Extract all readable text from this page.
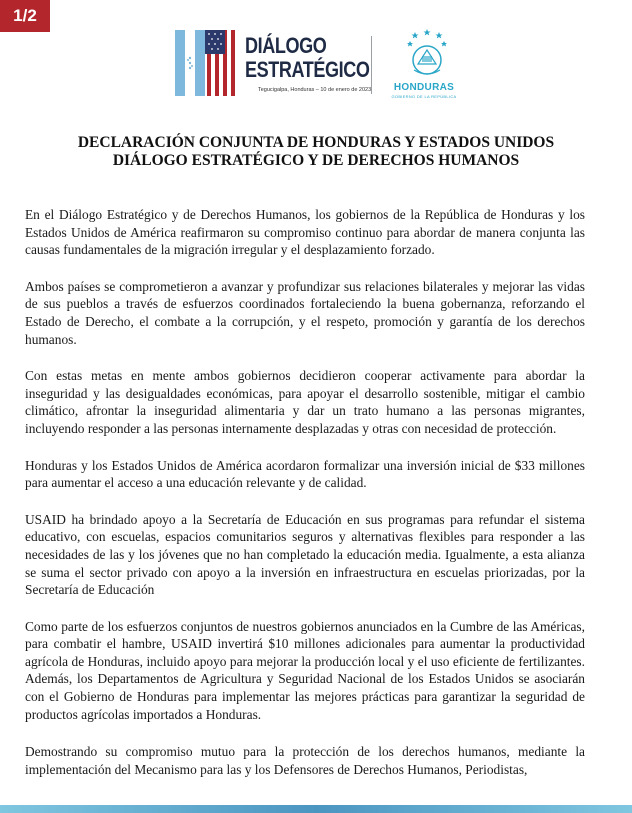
1/2
DIÁLOGO
ESTRATÉGICO
Tegucigalpa, Honduras – 10 de enero de 2023	HONDURAS
GOBIERNO DE LA REPÚBLICA
DECLARACIÓN CONJUNTA DE HONDURAS Y ESTADOS UNIDOS
DIÁLOGO ESTRATÉGICO Y DE DERECHOS HUMANOS

En el Diálogo Estratégico y de Derechos Humanos, los gobiernos de la República de Honduras y los Estados Unidos de América reafirmaron su compromiso continuo para abordar de manera conjunta las causas fundamentales de la migración irregular y el desplazamiento forzado.

Ambos países se comprometieron a avanzar y profundizar sus relaciones bilaterales y mejorar las vidas de sus pueblos a través de esfuerzos coordinados fortaleciendo la buena gobernanza, reforzando el Estado de Derecho, el combate a la corrupción, y el respeto, promoción y garantía de los derechos humanos.

Con estas metas en mente ambos gobiernos decidieron cooperar activamente para abordar la inseguridad y las desigualdades económicas, para apoyar el desarrollo sostenible, mitigar el cambio climático, afrontar la inseguridad alimentaria y dar un trato humano a las personas migrantes, incluyendo responder a las personas internamente desplazadas y otras con necesidad de protección.

Honduras y los Estados Unidos de América acordaron formalizar una inversión inicial de $33 millones para aumentar el acceso a una educación relevante y de calidad.

USAID ha brindado apoyo a la Secretaría de Educación en sus programas para refundar el sistema educativo, con escuelas, espacios comunitarios seguros y alternativas flexibles para responder a las necesidades de las y los jóvenes que no han completado la educación media. Igualmente, a esta alianza se suma el sector privado con apoyo a la inversión en infraestructura en escuelas priorizadas, por la Secretaría de Educación

Como parte de los esfuerzos conjuntos de nuestros gobiernos anunciados en la Cumbre de las Américas, para combatir el hambre, USAID invertirá $10 millones adicionales para aumentar la productividad agrícola de Honduras, incluido apoyo para mejorar la producción local y el uso eficiente de fertilizantes. Además, los Departamentos de Agricultura y Seguridad Nacional de los Estados Unidos se asociarán con el Gobierno de Honduras para implementar las mejores prácticas para garantizar la seguridad de productos agrícolas importados a Honduras.

Demostrando su compromiso mutuo para la protección de los derechos humanos, mediante la implementación del Mecanismo para las y los Defensores de Derechos Humanos, Periodistas,
